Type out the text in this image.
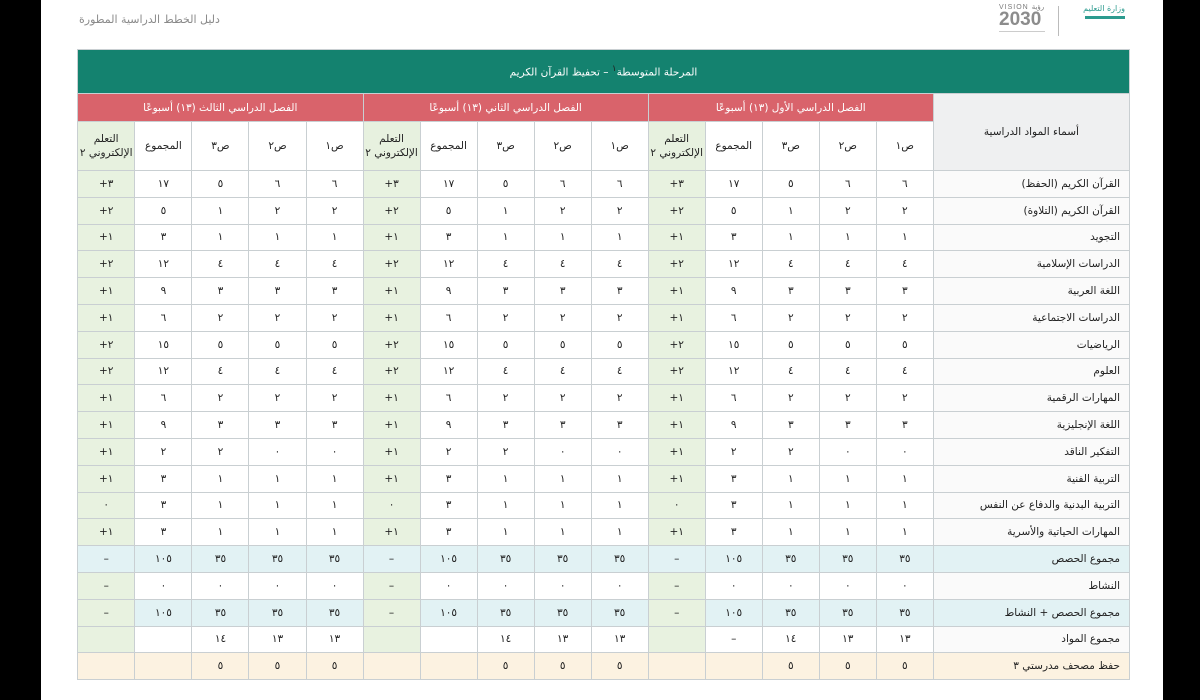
دليل الخطط الدراسية المطورة
VISION رؤية
2030
وزارة التعليم
المرحلة المتوسطة$^١$ – تحفيظ القرآن الكريم															
أسماء المواد الدراسية	الفصل الدراسي الأول (١٣) أسبوعًا					الفصل الدراسي الثاني (١٣) أسبوعًا					الفصل الدراسي الثالث (١٣) أسبوعًا				
	ص١	ص٢	ص٣	المجموع	التعلم الإلكتروني ٢	ص١	ص٢	ص٣	المجموع	التعلم الإلكتروني ٢	ص١	ص٢	ص٣	المجموع	التعلم الإلكتروني ٢
القرآن الكريم (الحفظ)	٦	٦	٥	١٧	٣+	٦	٦	٥	١٧	٣+	٦	٦	٥	١٧	٣+
القرآن الكريم (التلاوة)	٢	٢	١	٥	٢+	٢	٢	١	٥	٢+	٢	٢	١	٥	٢+
التجويد	١	١	١	٣	١+	١	١	١	٣	١+	١	١	١	٣	١+
الدراسات الإسلامية	٤	٤	٤	١٢	٢+	٤	٤	٤	١٢	٢+	٤	٤	٤	١٢	٢+
اللغة العربية	٣	٣	٣	٩	١+	٣	٣	٣	٩	١+	٣	٣	٣	٩	١+
الدراسات الاجتماعية	٢	٢	٢	٦	١+	٢	٢	٢	٦	١+	٢	٢	٢	٦	١+
الرياضيات	٥	٥	٥	١٥	٢+	٥	٥	٥	١٥	٢+	٥	٥	٥	١٥	٢+
العلوم	٤	٤	٤	١٢	٢+	٤	٤	٤	١٢	٢+	٤	٤	٤	١٢	٢+
المهارات الرقمية	٢	٢	٢	٦	١+	٢	٢	٢	٦	١+	٢	٢	٢	٦	١+
اللغة الإنجليزية	٣	٣	٣	٩	١+	٣	٣	٣	٩	١+	٣	٣	٣	٩	١+
التفكير الناقد	٠	٠	٢	٢	١+	٠	٠	٢	٢	١+	٠	٠	٢	٢	١+
التربية الفنية	١	١	١	٣	١+	١	١	١	٣	١+	١	١	١	٣	١+
التربية البدنية والدفاع عن النفس	١	١	١	٣	٠	١	١	١	٣	٠	١	١	١	٣	٠
المهارات الحياتية والأسرية	١	١	١	٣	١+	١	١	١	٣	١+	١	١	١	٣	١+
مجموع الحصص	٣٥	٣٥	٣٥	١٠٥	–	٣٥	٣٥	٣٥	١٠٥	–	٣٥	٣٥	٣٥	١٠٥	–
النشاط	٠	٠	٠	٠	–	٠	٠	٠	٠	–	٠	٠	٠	٠	–
مجموع الحصص + النشاط	٣٥	٣٥	٣٥	١٠٥	–	٣٥	٣٥	٣٥	١٠٥	–	٣٥	٣٥	٣٥	١٠٥	–
مجموع المواد	١٣	١٣	١٤	–		١٣	١٣	١٤			١٣	١٣	١٤		
حفظ مصحف مدرستي ٣	٥	٥	٥			٥	٥	٥			٥	٥	٥		
